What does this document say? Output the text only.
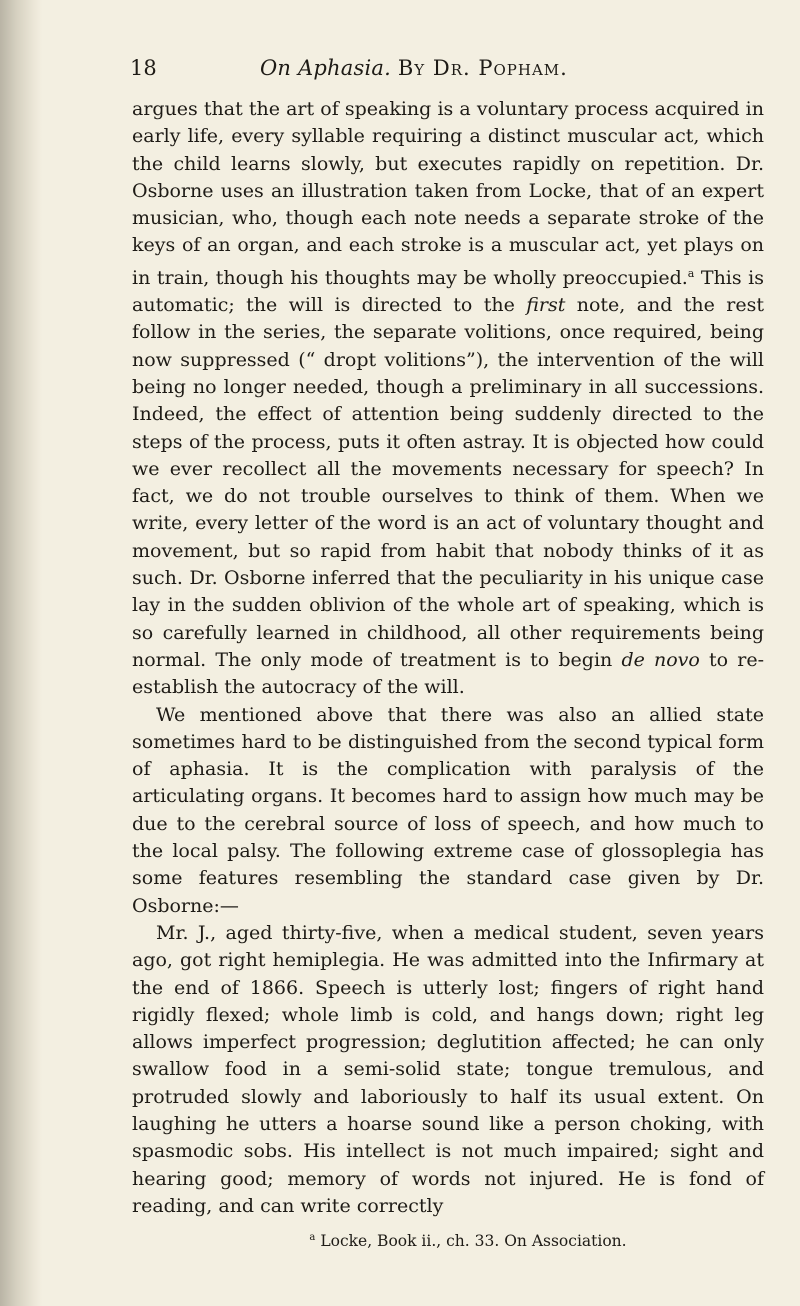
18	On Aphasia. By Dr. Popham.

argues that the art of speaking is a voluntary process acquired in early life, every syllable requiring a distinct muscular act, which the child learns slowly, but executes rapidly on repetition. Dr. Osborne uses an illustration taken from Locke, that of an expert musician, who, though each note needs a separate stroke of the keys of an organ, and each stroke is a muscular act, yet plays on in train, though his thoughts may be wholly preoccupied.$^a$ This is automatic; the will is directed to the first note, and the rest follow in the series, the separate volitions, once required, being now suppressed (“ dropt volitions”), the intervention of the will being no longer needed, though a preliminary in all successions. Indeed, the effect of attention being suddenly directed to the steps of the process, puts it often astray. It is objected how could we ever recollect all the movements necessary for speech? In fact, we do not trouble ourselves to think of them. When we write, every letter of the word is an act of voluntary thought and movement, but so rapid from habit that nobody thinks of it as such. Dr. Osborne inferred that the peculiarity in his unique case lay in the sudden oblivion of the whole art of speaking, which is so carefully learned in childhood, all other requirements being normal. The only mode of treatment is to begin de novo to re-establish the autocracy of the will.

We mentioned above that there was also an allied state sometimes hard to be distinguished from the second typical form of aphasia. It is the complication with paralysis of the articulating organs. It becomes hard to assign how much may be due to the cerebral source of loss of speech, and how much to the local palsy. The following extreme case of glossoplegia has some features resembling the standard case given by Dr. Osborne:—

Mr. J., aged thirty-five, when a medical student, seven years ago, got right hemiplegia. He was admitted into the Infirmary at the end of 1866. Speech is utterly lost; fingers of right hand rigidly flexed; whole limb is cold, and hangs down; right leg allows imperfect progression; deglutition affected; he can only swallow food in a semi-solid state; tongue tremulous, and protruded slowly and laboriously to half its usual extent. On laughing he utters a hoarse sound like a person choking, with spasmodic sobs. His intellect is not much impaired; sight and hearing good; memory of words not injured. He is fond of reading, and can write correctly

$^a$ Locke, Book ii., ch. 33. On Association.
